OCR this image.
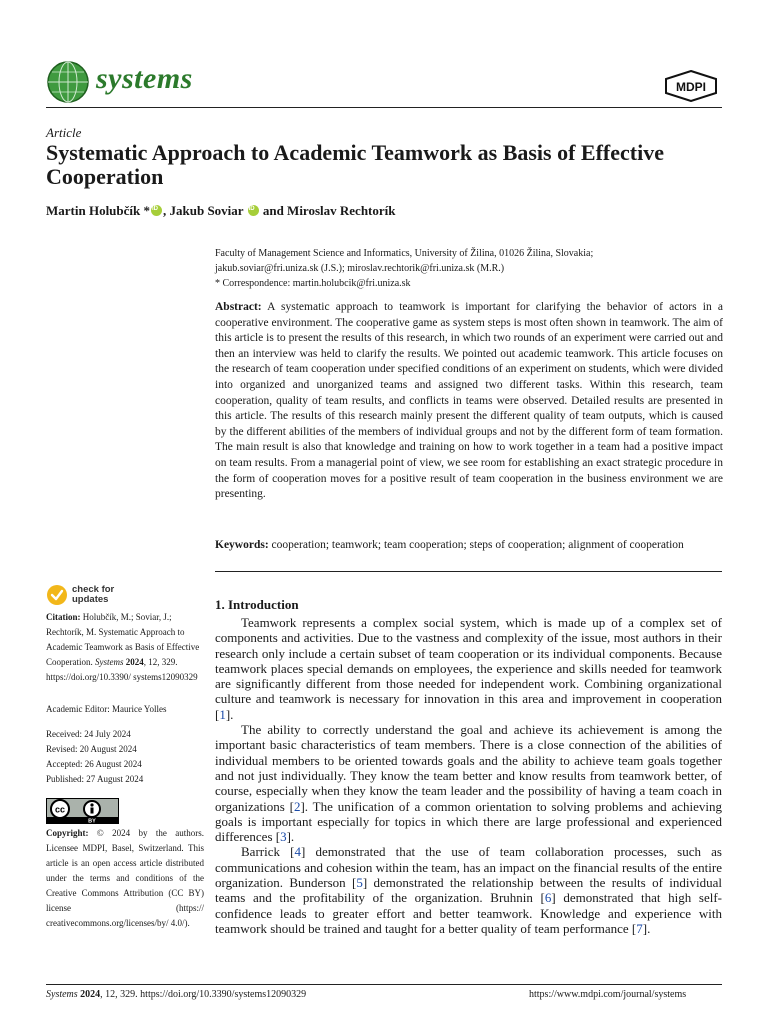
systems	MDPI
Article
Systematic Approach to Academic Teamwork as Basis of Effective Cooperation
Martin Holubčík *iD , Jakub Soviar iD and Miroslav Rechtorík
Faculty of Management Science and Informatics, University of Žilina, 01026 Žilina, Slovakia;
jakub.soviar@fri.uniza.sk (J.S.); miroslav.rechtorik@fri.uniza.sk (M.R.)
* Correspondence: martin.holubcik@fri.uniza.sk

Abstract: A systematic approach to teamwork is important for clarifying the behavior of actors in a cooperative environment. The cooperative game as system steps is most often shown in teamwork. The aim of this article is to present the results of this research, in which two rounds of an experiment were carried out and then an interview was held to clarify the results. We pointed out academic teamwork. This article focuses on the research of team cooperation under specified conditions of an experiment on students, which were divided into organized and unorganized teams and assigned two different tasks. Within this research, team cooperation, quality of team results, and conflicts in teams were observed. Detailed results are presented in this article. The results of this research mainly present the different quality of team outputs, which is caused by the different abilities of the members of individual groups and not by the different form of team formation. The main result is also that knowledge and training on how to work together in a team had a positive impact on team results. From a managerial point of view, we see room for establishing an exact strategic procedure in the form of cooperation moves for a positive result of team cooperation in the business environment we are presenting.

Keywords: cooperation; teamwork; team cooperation; steps of cooperation; alignment of cooperation

check for
updates
Citation: Holubčík, M.; Soviar, J.; Rechtorík, M. Systematic Approach to Academic Teamwork as Basis of Effective Cooperation. Systems 2024, 12, 329. https://doi.org/10.3390/ systems12090329
Academic Editor: Maurice Yolles
Received: 24 July 2024
Revised: 20 August 2024
Accepted: 26 August 2024
Published: 27 August 2024
cc
BY
Copyright: © 2024 by the authors. Licensee MDPI, Basel, Switzerland. This article is an open access article distributed under the terms and conditions of the Creative Commons Attribution (CC BY) license (https:// creativecommons.org/licenses/by/ 4.0/).
1. Introduction

Teamwork represents a complex social system, which is made up of a complex set of components and activities. Due to the vastness and complexity of the issue, most authors in their research only include a certain subset of team cooperation or its individual components. Because teamwork places special demands on employees, the experience and skills needed for teamwork are significantly different from those needed for independent work. Combining organizational culture and teamwork is necessary for innovation in this area and improvement in cooperation [1].

The ability to correctly understand the goal and achieve its achievement is among the important basic characteristics of team members. There is a close connection of the abilities of individual members to be oriented towards goals and the ability to achieve team goals together and not just individually. They know the team better and know results from teamwork better, of course, especially when they know the team leader and the possibility of having a team coach in organizations [2]. The unification of a common orientation to solving problems and achieving goals is important especially for topics in which there are large professional and experienced differences [3].

Barrick [4] demonstrated that the use of team collaboration processes, such as communications and cohesion within the team, has an impact on the financial results of the entire organization. Bunderson [5] demonstrated the relationship between the results of individual teams and the profitability of the organization. Bruhnin [6] demonstrated that high self-confidence leads to greater effort and better teamwork. Knowledge and experience with teamwork should be trained and taught for a better quality of team performance [7].

Systems 2024, 12, 329. https://doi.org/10.3390/systems12090329	https://www.mdpi.com/journal/systems
